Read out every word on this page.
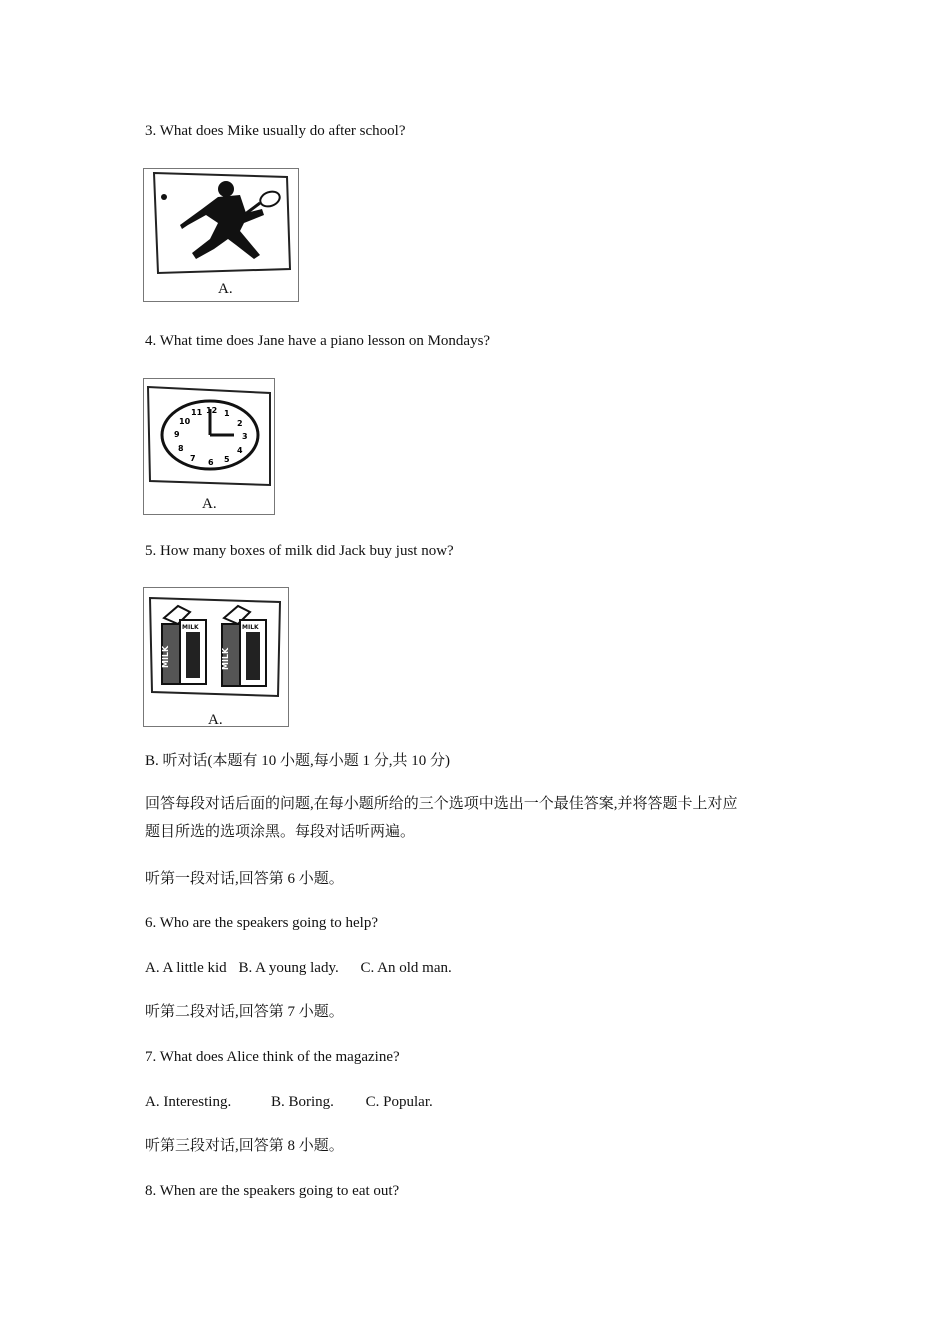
3. What does Mike usually do after school?
A.
4. What time does Jane have a piano lesson on Mondays?
12 1
2
3
4
5
6
7
8
9
10
11
A.
5. How many boxes of milk did Jack buy just now?
MILK
MILK
MILK
MILK
A.
B. 听对话(本题有 10 小题,每小题 1 分,共 10 分)
回答每段对话后面的问题,在每小题所给的三个选项中选出一个最佳答案,并将答题卡上对应
题目所选的选项涂黑。每段对话听两遍。
听第一段对话,回答第 6 小题。
6. Who are the speakers going to help?
A. A little kid B. A young lady. C. An old man.
听第二段对话,回答第 7 小题。
7. What does Alice think of the magazine?
A. Interesting.	B. Boring. C. Popular.
听第三段对话,回答第 8 小题。
8. When are the speakers going to eat out?
